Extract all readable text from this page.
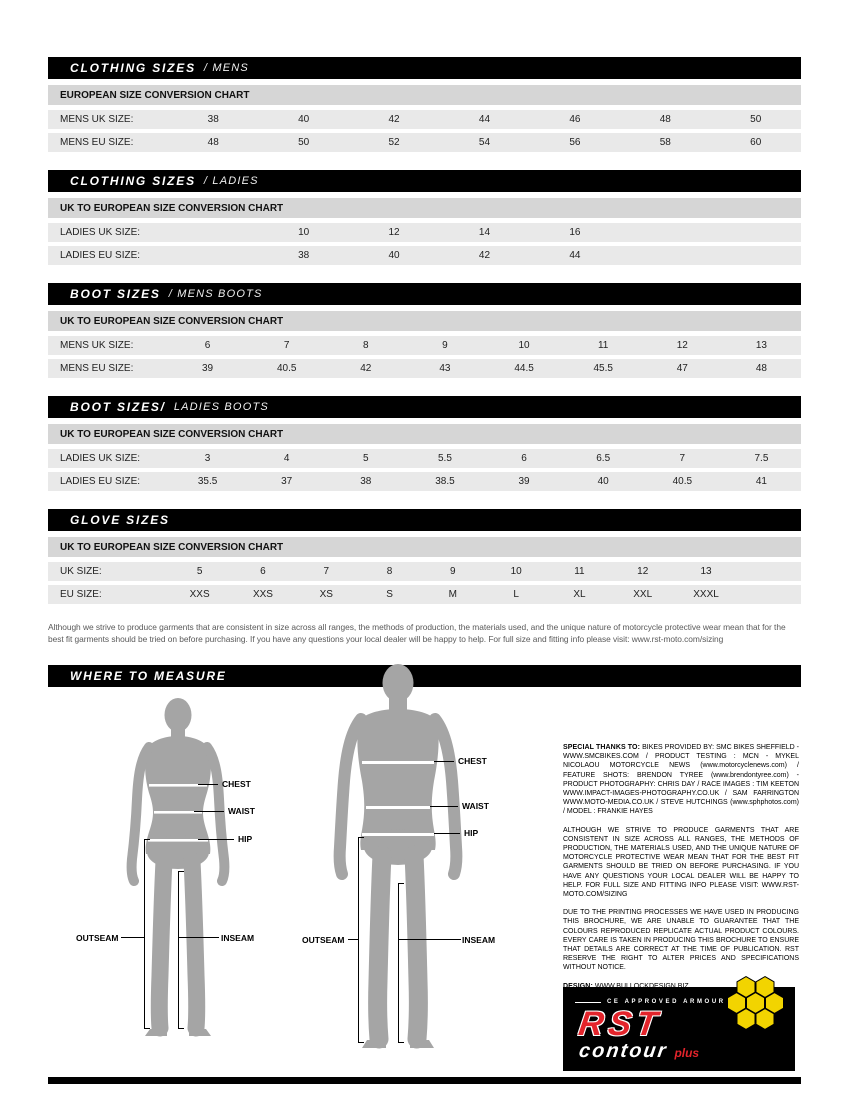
CLOTHING SIZES / MENS
EUROPEAN SIZE CONVERSION CHART
MENS UK SIZE:	38	40	42	44	46	48	50
MENS EU SIZE:	48	50	52	54	56	58	60
CLOTHING SIZES / LADIES
UK TO EUROPEAN SIZE CONVERSION CHART
LADIES UK SIZE:	10	12	14	16
LADIES EU SIZE:	38	40	42	44
BOOT SIZES / MENS BOOTS
UK TO EUROPEAN SIZE CONVERSION CHART
MENS UK SIZE:	6	7	8	9	10	11	12	13
MENS EU SIZE:	39	40.5	42	43	44.5	45.5	47	48
BOOT SIZES/ LADIES BOOTS
UK TO EUROPEAN SIZE CONVERSION CHART
LADIES UK SIZE:	3	4	5	5.5	6	6.5	7	7.5
LADIES EU SIZE:	35.5	37	38	38.5	39	40	40.5	41
GLOVE SIZES
UK TO EUROPEAN SIZE CONVERSION CHART
UK SIZE:	5	6	7	8	9	10	11	12	13
EU SIZE:	XXS	XXS	XS	S	M	L	XL	XXL	XXXL
Although we strive to produce garments that are consistent in size across all ranges, the methods of production, the materials used, and the unique nature of motorcycle protective wear mean that for the best fit garments should be tried on before purchasing. If you have any questions your local dealer will be happy to help. For full size and fitting info please visit: www.rst-moto.com/sizing
WHERE TO MEASURE
CHEST
WAIST
HIP
OUTSEAM	INSEAM
CHEST
WAIST
HIP
OUTSEAM	INSEAM

SPECIAL THANKS TO: BIKES PROVIDED BY: SMC BIKES SHEFFIELD - WWW.SMCBIKES.COM / PRODUCT TESTING : MCN - MYKEL NICOLAOU MOTORCYCLE NEWS (www.motorcyclenews.com) / FEATURE SHOTS: BRENDON TYREE (www.brendontyree.com) - PRODUCT PHOTOGRAPHY: CHRIS DAY / RACE IMAGES : TIM KEETON WWW.IMPACT-IMAGES-PHOTOGRAPHY.CO.UK / SAM FARRINGTON WWW.MOTO-MEDIA.CO.UK / STEVE HUTCHINGS (www.sphphotos.com) / MODEL : FRANKIE HAYES

ALTHOUGH WE STRIVE TO PRODUCE GARMENTS THAT ARE CONSISTENT IN SIZE ACROSS ALL RANGES, THE METHODS OF PRODUCTION, THE MATERIALS USED, AND THE UNIQUE NATURE OF MOTORCYCLE PROTECTIVE WEAR MEAN THAT FOR THE BEST FIT GARMENTS SHOULD BE TRIED ON BEFORE PURCHASING. IF YOU HAVE ANY QUESTIONS YOUR LOCAL DEALER WILL BE HAPPY TO HELP. FOR FULL SIZE AND FITTING INFO PLEASE VISIT: WWW.RST-MOTO.COM/SIZING

DUE TO THE PRINTING PROCESSES WE HAVE USED IN PRODUCING THIS BROCHURE, WE ARE UNABLE TO GUARANTEE THAT THE COLOURS REPRODUCED REPLICATE ACTUAL PRODUCT COLOURS. EVERY CARE IS TAKEN IN PRODUCING THIS BROCHURE TO ENSURE THAT DETAILS ARE CORRECT AT THE TIME OF PUBLICATION. RST RESERVE THE RIGHT TO ALTER PRICES AND SPECIFICATIONS WITHOUT NOTICE.

CE APPROVED ARMOUR
RST
contour plus
